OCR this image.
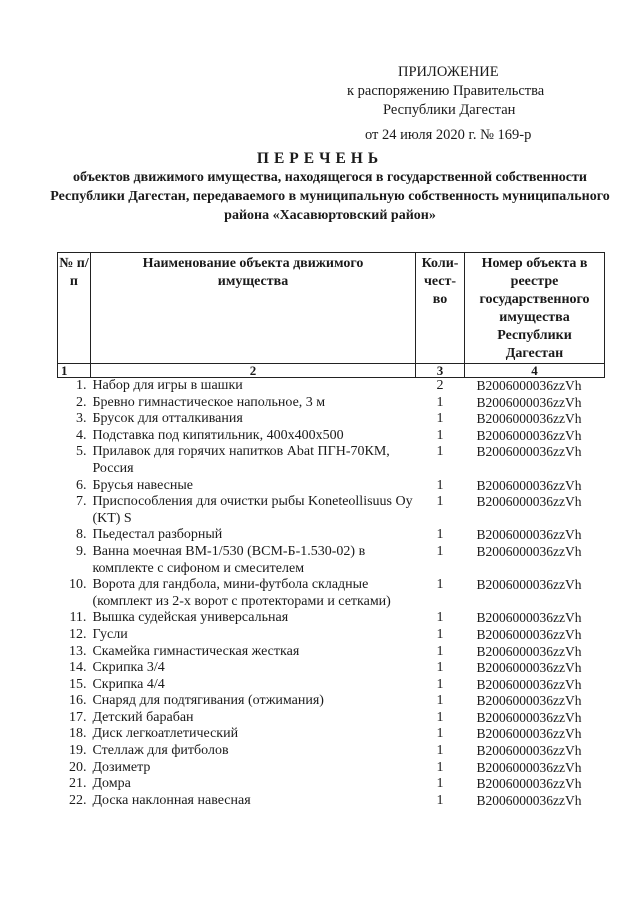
ПРИЛОЖЕНИЕ
к распоряжению Правительства
Республики Дагестан
от 24 июля 2020 г. № 169-р
ПЕРЕЧЕНЬ
объектов движимого имущества, находящегося в государственной собственности Республики Дагестан, передаваемого в муниципальную собственность муниципального района «Хасавюртовский район»
№ п/п	Наименование объекта движимого имущества	Коли-чест-во	Номер объекта в реестре государственного имущества Республики Дагестан
1	2	3	4
1.	Набор для игры в шашки	2	B2006000036zzVh
2.	Бревно гимнастическое напольное, 3 м	1	B2006000036zzVh
3.	Брусок для отталкивания	1	B2006000036zzVh
4.	Подставка под кипятильник, 400х400х500	1	B2006000036zzVh
5.	Прилавок для горячих напитков Abat ПГН-70КМ, Россия	1	B2006000036zzVh
6.	Брусья навесные	1	B2006000036zzVh
7.	Приспособления для очистки рыбы Koneteollisuus Oy (KT) S	1	B2006000036zzVh
8.	Пьедестал разборный	1	B2006000036zzVh
9.	Ванна моечная ВМ-1/530 (ВСМ-Б-1.530-02) в комплекте с сифоном и смесителем	1	B2006000036zzVh
10.	Ворота для гандбола, мини-футбола складные (комплект из 2-х ворот с протекторами и сетками)	1	B2006000036zzVh
11.	Вышка судейская универсальная	1	B2006000036zzVh
12.	Гусли	1	B2006000036zzVh
13.	Скамейка гимнастическая жесткая	1	B2006000036zzVh
14.	Скрипка 3/4	1	B2006000036zzVh
15.	Скрипка 4/4	1	B2006000036zzVh
16.	Снаряд для подтягивания (отжимания)	1	B2006000036zzVh
17.	Детский барабан	1	B2006000036zzVh
18.	Диск легкоатлетический	1	B2006000036zzVh
19.	Стеллаж для фитболов	1	B2006000036zzVh
20.	Дозиметр	1	B2006000036zzVh
21.	Домра	1	B2006000036zzVh
22.	Доска наклонная навесная	1	B2006000036zzVh
